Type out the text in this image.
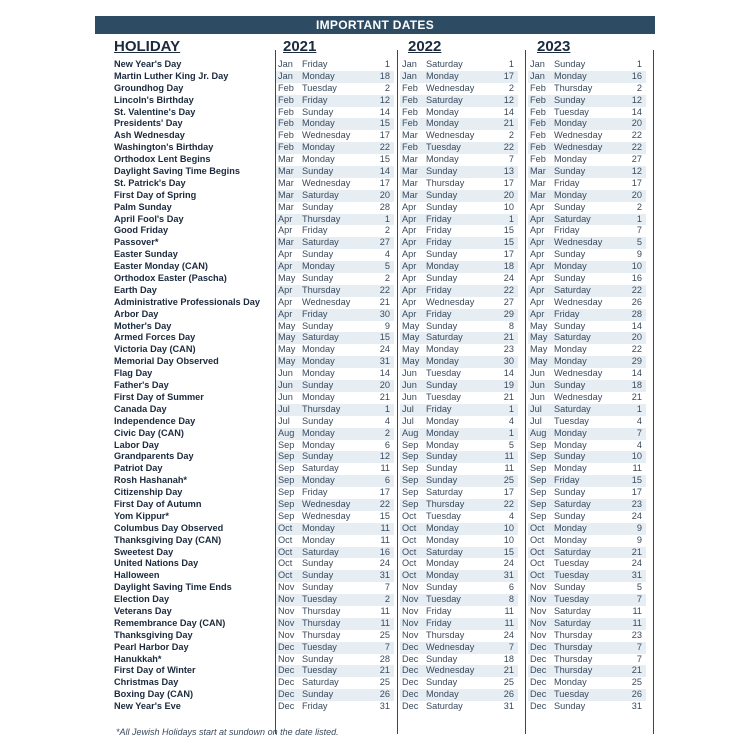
IMPORTANT DATES
HOLIDAY	2021	2022	2023
New Year's Day	Jan Friday	1 Jan Saturday	1 Jan Sunday	1
Martin Luther King Jr. Day	Jan Monday	18 Jan Monday	17 Jan Monday	16
Groundhog Day	Feb Tuesday	2 Feb Wednesday	2 Feb Thursday	2
Lincoln's Birthday	Feb Friday	12 Feb Saturday	12 Feb Sunday	12
St. Valentine's Day	Feb Sunday	14 Feb Monday	14 Feb Tuesday	14
Presidents' Day	Feb Monday	15 Feb Monday	21 Feb Monday	20
Ash Wednesday	Feb Wednesday	17 Mar Wednesday	2 Feb Wednesday	22
Washington's Birthday	Feb Monday	22 Feb Tuesday	22 Feb Wednesday	22
Orthodox Lent Begins	Mar Monday	15 Mar Monday	7 Feb Monday	27
Daylight Saving Time Begins	Mar Sunday	14 Mar Sunday	13 Mar Sunday	12
St. Patrick's Day	Mar Wednesday	17 Mar Thursday	17 Mar Friday	17
First Day of Spring	Mar Saturday	20 Mar Sunday	20 Mar Monday	20
Palm Sunday	Mar Sunday	28 Apr	Sunday	10 Apr	Sunday	2
April Fool's Day	Apr	Thursday	1 Apr	Friday	1 Apr	Saturday	1
Good Friday	Apr	Friday	2 Apr	Friday	15 Apr	Friday	7
Passover*	Mar Saturday	27 Apr	Friday	15 Apr	Wednesday	5
Easter Sunday	Apr	Sunday	4 Apr	Sunday	17 Apr	Sunday	9
Easter Monday (CAN)	Apr	Monday	5 Apr	Monday	18 Apr	Monday	10
Orthodox Easter (Pascha)	May Sunday	2 Apr	Sunday	24 Apr	Sunday	16
Earth Day	Apr	Thursday	22 Apr	Friday	22 Apr	Saturday	22
Administrative Professionals Day Apr	Wednesday	21 Apr	Wednesday	27 Apr	Wednesday	26
Arbor Day	Apr	Friday	30 Apr	Friday	29 Apr	Friday	28
Mother's Day	May Sunday	9 May Sunday	8 May Sunday	14
Armed Forces Day	May Saturday	15 May Saturday	21 May Saturday	20
Victoria Day (CAN)	May Monday	24 May Monday	23 May Monday	22
Memorial Day Observed	May Monday	31 May Monday	30 May Monday	29
Flag Day	Jun Monday	14 Jun Tuesday	14 Jun Wednesday	14
Father's Day	Jun Sunday	20 Jun Sunday	19 Jun Sunday	18
First Day of Summer	Jun Monday	21 Jun Tuesday	21 Jun Wednesday	21
Canada Day	Jul	Thursday	1 Jul	Friday	1 Jul	Saturday	1
Independence Day	Jul	Sunday	4 Jul	Monday	4 Jul	Tuesday	4
Civic Day (CAN)	Aug Monday	2 Aug Monday	1 Aug Monday	7
Labor Day	Sep Monday	6 Sep Monday	5 Sep Monday	4
Grandparents Day	Sep Sunday	12 Sep Sunday	11 Sep Sunday	10
Patriot Day	Sep Saturday	11 Sep Sunday	11 Sep Monday	11
Rosh Hashanah*	Sep Monday	6 Sep Sunday	25 Sep Friday	15
Citizenship Day	Sep Friday	17 Sep Saturday	17 Sep Sunday	17
First Day of Autumn	Sep Wednesday	22 Sep Thursday	22 Sep Saturday	23
Yom Kippur*	Sep Wednesday	15 Oct	Tuesday	4 Sep Sunday	24
Columbus Day Observed	Oct	Monday	11 Oct	Monday	10 Oct	Monday	9
Thanksgiving Day (CAN)	Oct	Monday	11 Oct	Monday	10 Oct	Monday	9
Sweetest Day	Oct	Saturday	16 Oct	Saturday	15 Oct	Saturday	21
United Nations Day	Oct	Sunday	24 Oct	Monday	24 Oct	Tuesday	24
Halloween	Oct	Sunday	31 Oct	Monday	31 Oct	Tuesday	31
Daylight Saving Time Ends	Nov Sunday	7 Nov Sunday	6 Nov Sunday	5
Election Day	Nov Tuesday	2 Nov Tuesday	8 Nov Tuesday	7
Veterans Day	Nov Thursday	11 Nov Friday	11 Nov Saturday	11
Remembrance Day (CAN)	Nov Thursday	11 Nov Friday	11 Nov Saturday	11
Thanksgiving Day	Nov Thursday	25 Nov Thursday	24 Nov Thursday	23
Pearl Harbor Day	Dec Tuesday	7 Dec Wednesday	7 Dec Thursday	7
Hanukkah*	Nov Sunday	28 Dec Sunday	18 Dec Thursday	7
First Day of Winter	Dec Tuesday	21 Dec Wednesday	21 Dec Thursday	21
Christmas Day	Dec Saturday	25 Dec Sunday	25 Dec Monday	25
Boxing Day (CAN)	Dec Sunday	26 Dec Monday	26 Dec Tuesday	26
New Year's Eve	Dec Friday	31 Dec Saturday	31 Dec Sunday	31
*All Jewish Holidays start at sundown on the date listed.
